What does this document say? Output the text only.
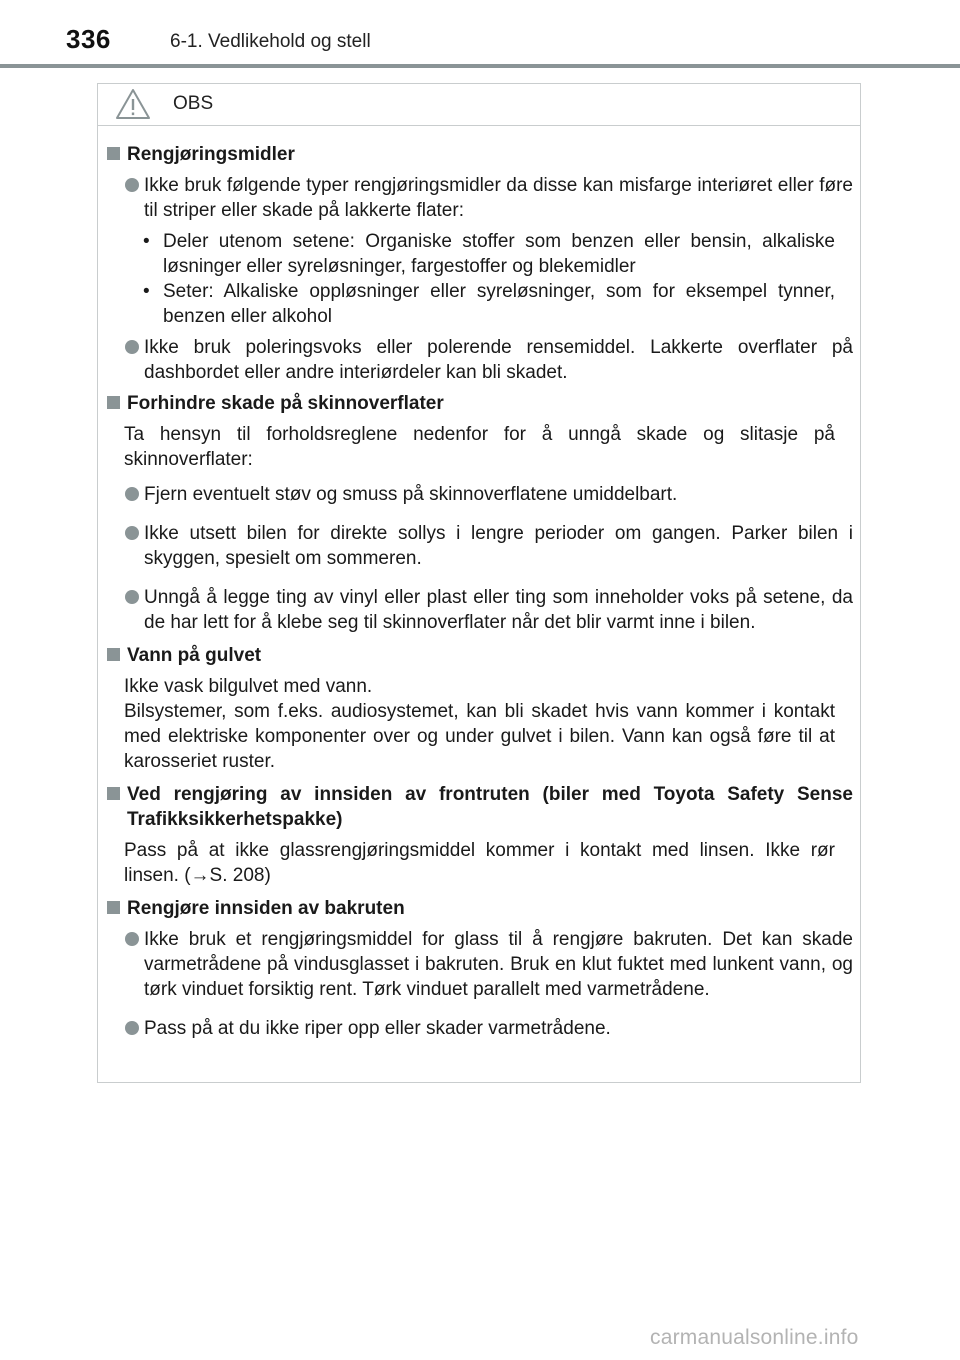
336	6-1. Vedlikehold og stell
OBS
Rengjøringsmidler
Ikke bruk følgende typer rengjøringsmidler da disse kan misfarge interiøret eller føre til striper eller skade på lakkerte flater:
• Deler utenom setene: Organiske stoffer som benzen eller bensin, alkaliske løsninger eller syreløsninger, fargestoffer og blekemidler
• Seter: Alkaliske oppløsninger eller syreløsninger, som for eksempel tynner, benzen eller alkohol
Ikke bruk poleringsvoks eller polerende rensemiddel. Lakkerte overflater på dashbordet eller andre interiørdeler kan bli skadet.
Forhindre skade på skinnoverflater
Ta hensyn til forholdsreglene nedenfor for å unngå skade og slitasje på skinnoverflater:
Fjern eventuelt støv og smuss på skinnoverflatene umiddelbart.
Ikke utsett bilen for direkte sollys i lengre perioder om gangen. Parker bilen i skyggen, spesielt om sommeren.
Unngå å legge ting av vinyl eller plast eller ting som inneholder voks på setene, da de har lett for å klebe seg til skinnoverflater når det blir varmt inne i bilen.
Vann på gulvet
Ikke vask bilgulvet med vann.
Bilsystemer, som f.eks. audiosystemet, kan bli skadet hvis vann kommer i kontakt med elektriske komponenter over og under gulvet i bilen. Vann kan også føre til at karosseriet ruster.
Ved rengjøring av innsiden av frontruten (biler med Toyota Safety Sense Trafikksikkerhetspakke)
Pass på at ikke glassrengjøringsmiddel kommer i kontakt med linsen. Ikke rør linsen. (→S. 208)
Rengjøre innsiden av bakruten
Ikke bruk et rengjøringsmiddel for glass til å rengjøre bakruten. Det kan skade varmetrådene på vindusglasset i bakruten. Bruk en klut fuktet med lunkent vann, og tørk vinduet forsiktig rent. Tørk vinduet parallelt med varmetrådene.
Pass på at du ikke riper opp eller skader varmetrådene.
carmanualsonline.info
